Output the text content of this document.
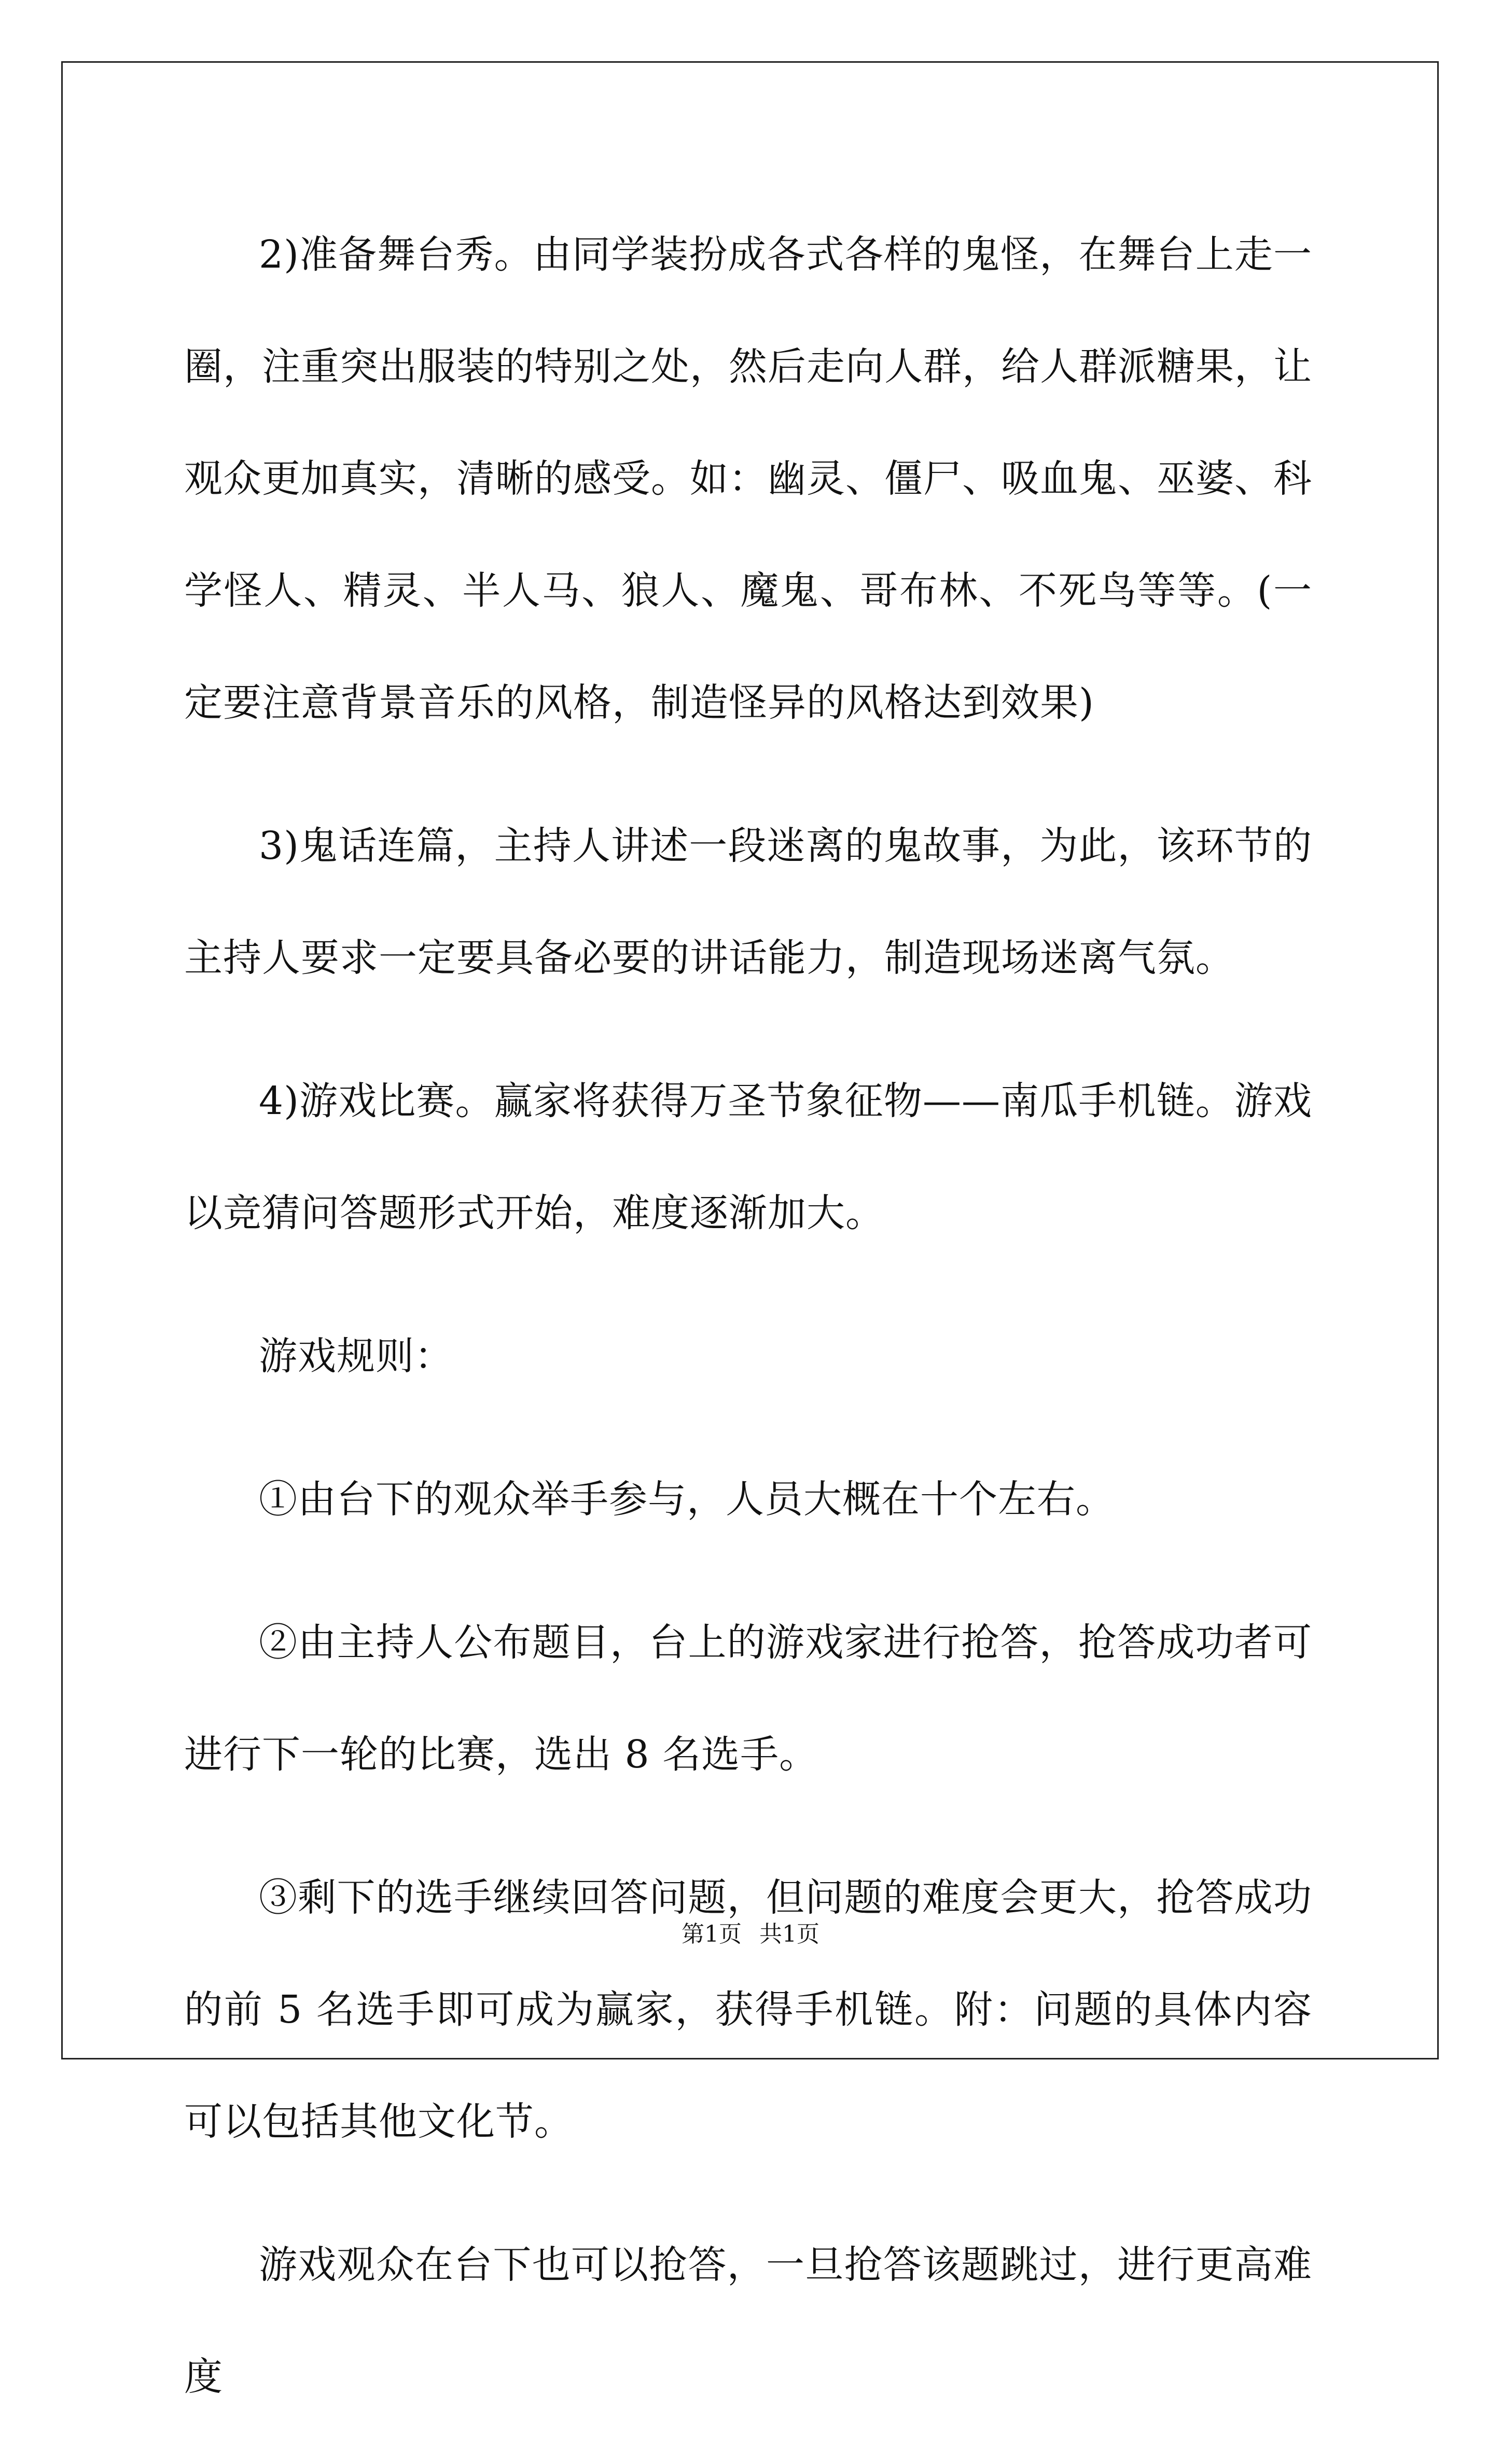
2)准备舞台秀。由同学装扮成各式各样的鬼怪，在舞台上走一圈，注重突出服装的特别之处，然后走向人群，给人群派糖果，让观众更加真实，清晰的感受。如：幽灵、僵尸、吸血鬼、巫婆、科学怪人、精灵、半人马、狼人、魔鬼、哥布林、不死鸟等等。(一定要注意背景音乐的风格，制造怪异的风格达到效果)

3)鬼话连篇，主持人讲述一段迷离的鬼故事，为此，该环节的主持人要求一定要具备必要的讲话能力，制造现场迷离气氛。

4)游戏比赛。赢家将获得万圣节象征物——南瓜手机链。游戏以竞猜问答题形式开始，难度逐渐加大。

游戏规则：

①由台下的观众举手参与，人员大概在十个左右。

②由主持人公布题目，台上的游戏家进行抢答，抢答成功者可进行下一轮的比赛，选出 8 名选手。

③剩下的选手继续回答问题，但问题的难度会更大，抢答成功的前 5 名选手即可成为赢家，获得手机链。附：问题的具体内容可以包括其他文化节。

游戏观众在台下也可以抢答，一旦抢答该题跳过，进行更高难度

第1页 共1页
